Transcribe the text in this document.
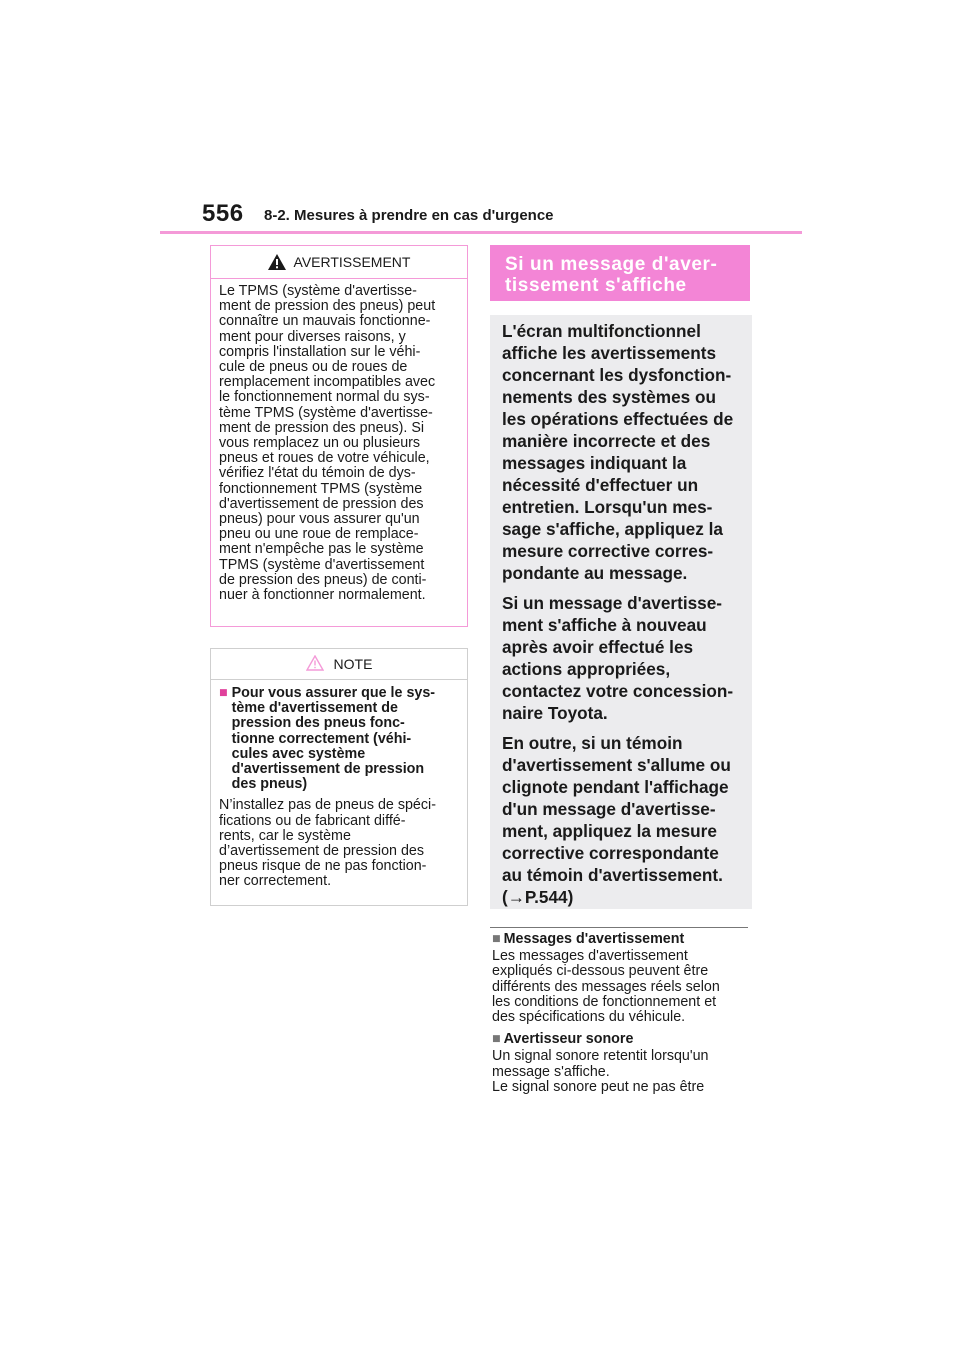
556 8-2. Mesures à prendre en cas d'urgence
AVERTISSEMENT
Le TPMS (système d'avertisse-
ment de pression des pneus) peut
connaître un mauvais fonctionne-
ment pour diverses raisons, y
compris l'installation sur le véhi-
cule de pneus ou de roues de
remplacement incompatibles avec
le fonctionnement normal du sys-
tème TPMS (système d'avertisse-
ment de pression des pneus). Si
vous remplacez un ou plusieurs
pneus et roues de votre véhicule,
vérifiez l'état du témoin de dys-
fonctionnement TPMS (système
d'avertissement de pression des
pneus) pour vous assurer qu'un
pneu ou une roue de remplace-
ment n'empêche pas le système
TPMS (système d'avertissement
de pression des pneus) de conti-
nuer à fonctionner normalement.
NOTE
■ Pour vous assurer que le sys-
tème d'avertissement de
pression des pneus fonc-
tionne correctement (véhi-
cules avec système
d'avertissement de pression
des pneus)
N’installez pas de pneus de spéci-
fications ou de fabricant diffé-
rents, car le système
d’avertissement de pression des
pneus risque de ne pas fonction-
ner correctement.
Si un message d'aver-
tissement s'affiche

L'écran multifonctionnel
affiche les avertissements
concernant les dysfonction-
nements des systèmes ou
les opérations effectuées de
manière incorrecte et des
messages indiquant la
nécessité d'effectuer un
entretien. Lorsqu'un mes-
sage s'affiche, appliquez la
mesure corrective corres-
pondante au message.

Si un message d'avertisse-
ment s'affiche à nouveau
après avoir effectué les
actions appropriées,
contactez votre concession-
naire Toyota.

En outre, si un témoin
d'avertissement s'allume ou
clignote pendant l'affichage
d'un message d'avertisse-
ment, appliquez la mesure
corrective correspondante
au témoin d'avertissement.
(→P.544)

■ Messages d'avertissement
Les messages d'avertissement
expliqués ci-dessous peuvent être
différents des messages réels selon
les conditions de fonctionnement et
des spécifications du véhicule.
■ Avertisseur sonore
Un signal sonore retentit lorsqu'un
message s'affiche.
Le signal sonore peut ne pas être
